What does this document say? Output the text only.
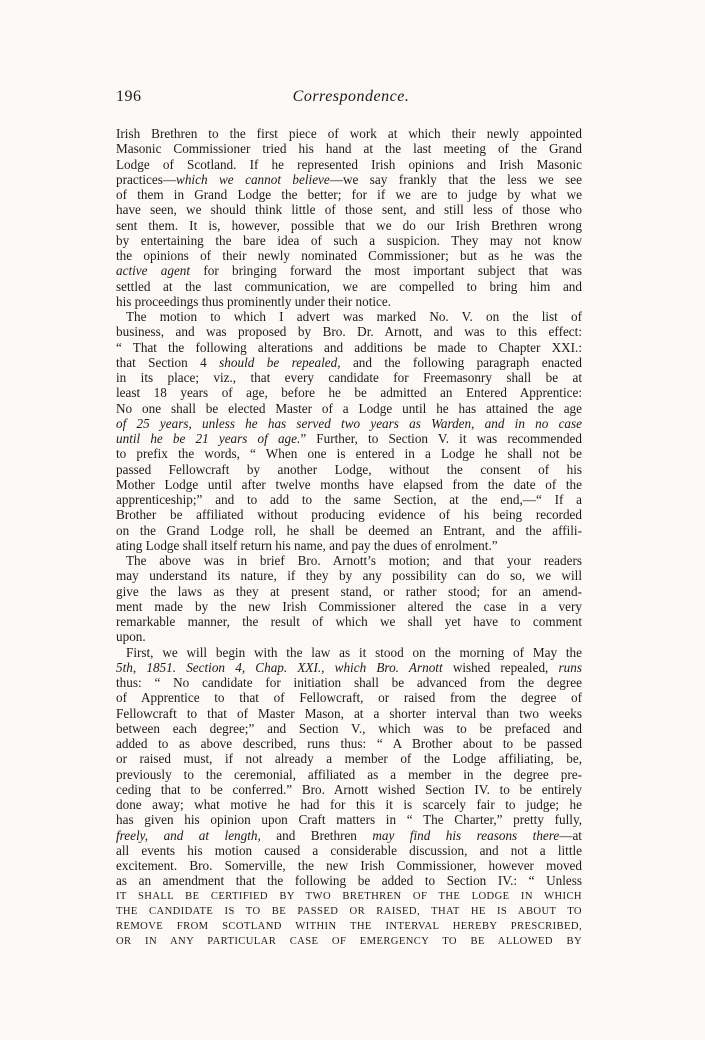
196	Correspondence.
Irish Brethren to the first piece of work at which their newly appointed
Masonic Commissioner tried his hand at the last meeting of the Grand
Lodge of Scotland. If he represented Irish opinions and Irish Masonic
practices—which we cannot believe—we say frankly that the less we see
of them in Grand Lodge the better; for if we are to judge by what we
have seen, we should think little of those sent, and still less of those who
sent them. It is, however, possible that we do our Irish Brethren wrong
by entertaining the bare idea of such a suspicion. They may not know
the opinions of their newly nominated Commissioner; but as he was the
active agent for bringing forward the most important subject that was
settled at the last communication, we are compelled to bring him and
his proceedings thus prominently under their notice.
The motion to which I advert was marked No. V. on the list of
business, and was proposed by Bro. Dr. Arnott, and was to this effect:
“ That the following alterations and additions be made to Chapter XXI.:
that Section 4 should be repealed, and the following paragraph enacted
in its place; viz., that every candidate for Freemasonry shall be at
least 18 years of age, before he be admitted an Entered Apprentice:
No one shall be elected Master of a Lodge until he has attained the age
of 25 years, unless he has served two years as Warden, and in no case
until he be 21 years of age.” Further, to Section V. it was recommended
to prefix the words, “ When one is entered in a Lodge he shall not be
passed Fellowcraft by another Lodge, without the consent of his
Mother Lodge until after twelve months have elapsed from the date of the
apprenticeship;” and to add to the same Section, at the end,—“ If a
Brother be affiliated without producing evidence of his being recorded
on the Grand Lodge roll, he shall be deemed an Entrant, and the affili-
ating Lodge shall itself return his name, and pay the dues of enrolment.”
The above was in brief Bro. Arnott’s motion; and that your readers
may understand its nature, if they by any possibility can do so, we will
give the laws as they at present stand, or rather stood; for an amend-
ment made by the new Irish Commissioner altered the case in a very
remarkable manner, the result of which we shall yet have to comment
upon.
First, we will begin with the law as it stood on the morning of May the
5th, 1851. Section 4, Chap. XXI., which Bro. Arnott wished repealed, runs
thus: “ No candidate for initiation shall be advanced from the degree
of Apprentice to that of Fellowcraft, or raised from the degree of
Fellowcraft to that of Master Mason, at a shorter interval than two weeks
between each degree;” and Section V., which was to be prefaced and
added to as above described, runs thus: “ A Brother about to be passed
or raised must, if not already a member of the Lodge affiliating, be,
previously to the ceremonial, affiliated as a member in the degree pre-
ceding that to be conferred.” Bro. Arnott wished Section IV. to be entirely
done away; what motive he had for this it is scarcely fair to judge; he
has given his opinion upon Craft matters in “ The Charter,” pretty fully,
freely, and at length, and Brethren may find his reasons there—at
all events his motion caused a considerable discussion, and not a little
excitement. Bro. Somerville, the new Irish Commissioner, however moved
as an amendment that the following be added to Section IV.: “ Unless
IT SHALL BE CERTIFIED BY TWO BRETHREN OF THE LODGE IN WHICH
THE CANDIDATE IS TO BE PASSED OR RAISED, THAT HE IS ABOUT TO
REMOVE FROM SCOTLAND WITHIN THE INTERVAL HEREBY PRESCRIBED,
OR IN ANY PARTICULAR CASE OF EMERGENCY TO BE ALLOWED BY
